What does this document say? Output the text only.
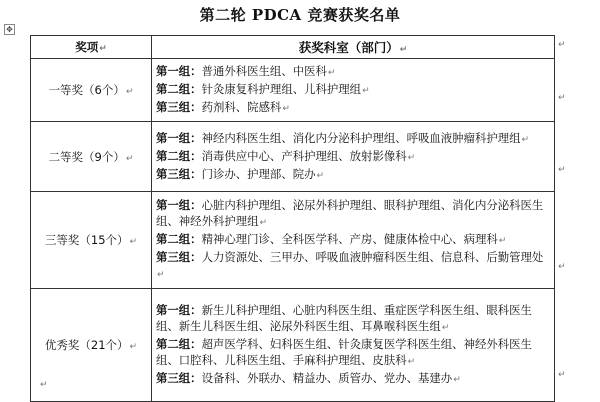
第二轮 PDCA 竞赛获奖名单
✥
奖项↵	获奖科室（部门）↵
一等奖（6个）↵	第一组：普通外科医生组、中医科↵
第二组：针灸康复科护理组、儿科护理组↵
第三组：药剂科、院感科↵

二等奖（9个）↵	第一组：神经内科医生组、消化内分泌科护理组、呼吸血液肿瘤科护理组↵
第二组：消毒供应中心、产科护理组、放射影像科↵
第三组：门诊办、护理部、院办↵

三等奖（15个）↵	第一组：心脏内科护理组、泌尿外科护理组、眼科护理组、消化内分泌科医生组、神经外科护理组↵
第二组：精神心理门诊、全科医学科、产房、健康体检中心、病理科↵
第三组：人力资源处、三甲办、呼吸血液肿瘤科医生组、信息科、后勤管理处↵

优秀奖（21个）↵	第一组：新生儿科护理组、心脏内科医生组、重症医学科医生组、眼科医生组、新生儿科医生组、泌尿外科医生组、耳鼻喉科医生组↵
第二组：超声医学科、妇科医生组、针灸康复医学科医生组、神经外科医生组、口腔科、儿科医生组、手麻科护理组、皮肤科↵
第三组：设备科、外联办、精益办、质管办、党办、基建办↵
↵
↵
↵
↵
↵
↵
